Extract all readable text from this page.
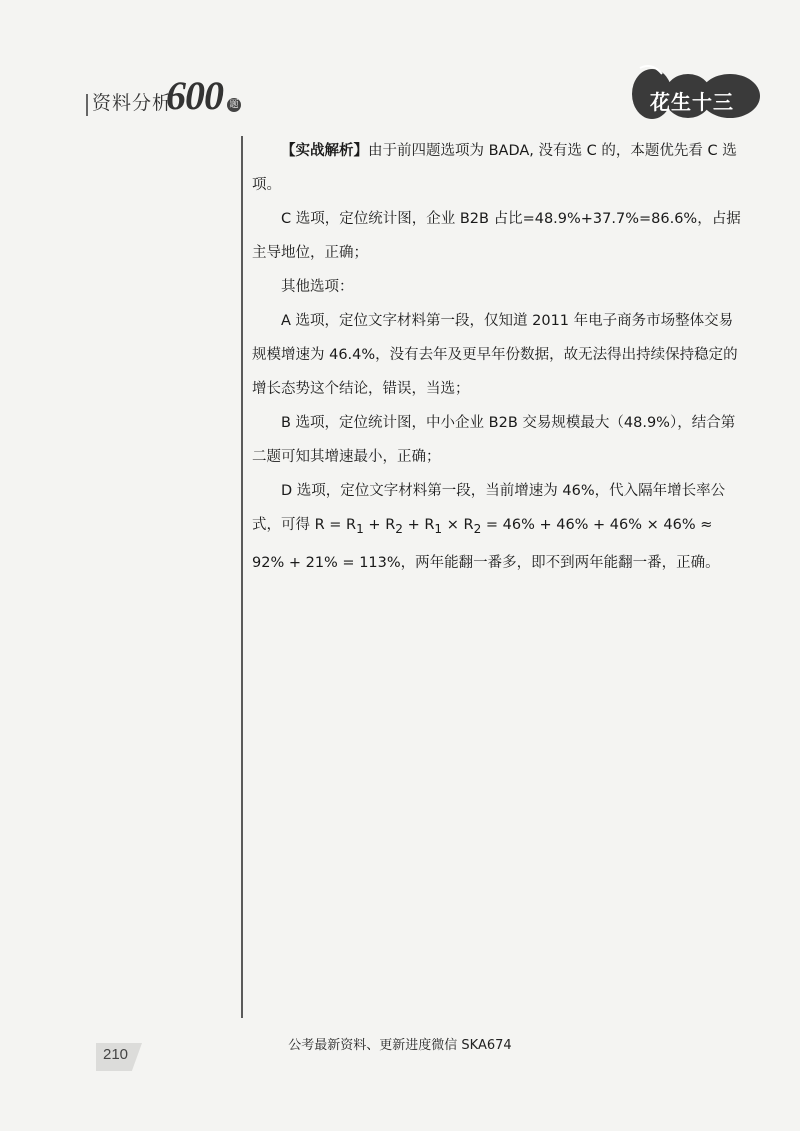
资料分析
600 题	花生十三

【实战解析】由于前四题选项为 BADA, 没有选 C 的，本题优先看 C 选项。

C 选项，定位统计图，企业 B2B 占比=48.9%+37.7%=86.6%，占据主导地位，正确；

其他选项：

A 选项，定位文字材料第一段，仅知道 2011 年电子商务市场整体交易规模增速为 46.4%，没有去年及更早年份数据，故无法得出持续保持稳定的增长态势这个结论，错误，当选；

B 选项，定位统计图，中小企业 B2B 交易规模最大（48.9%），结合第二题可知其增速最小，正确；

D 选项，定位文字材料第一段，当前增速为 46%，代入隔年增长率公式，可得 $R = R_1 + R_2 + R_1 \times R_2 = 46\% + 46\% + 46\% \times 46\% \approx 92\% + 21\% = 113\%$，两年能翻一番多，即不到两年能翻一番，正确。

210
公考最新资料、更新进度微信 SKA674
